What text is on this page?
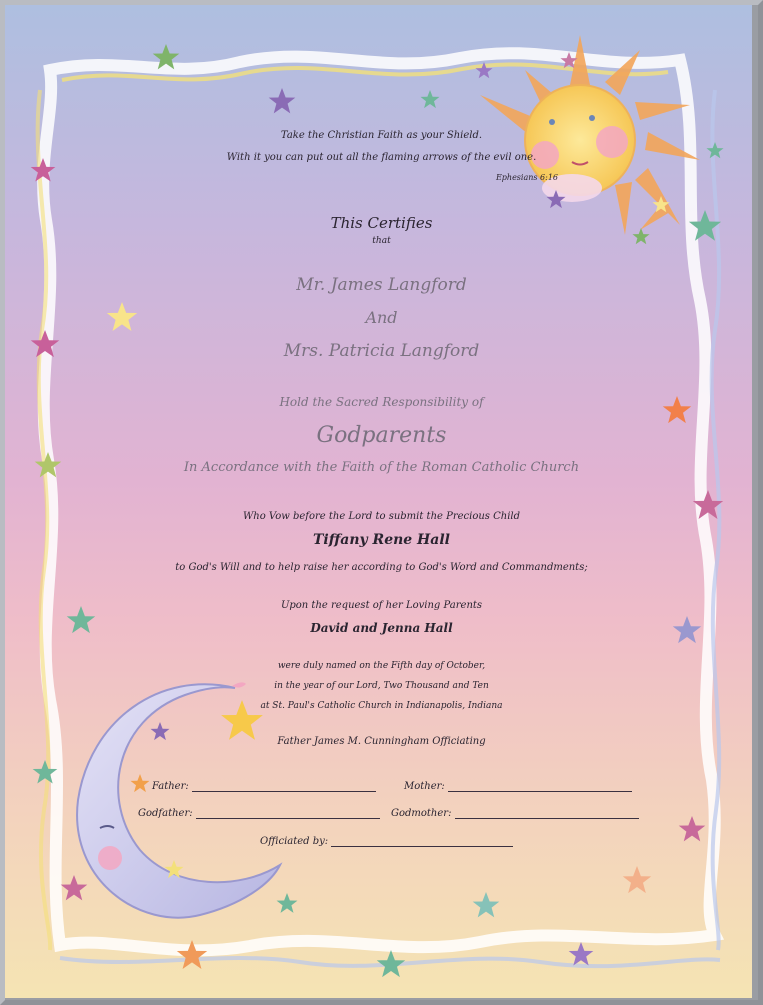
Take the Christian Faith as your Shield.
With it you can put out all the flaming arrows of the evil one.
Ephesians 6:16
This Certifies
that
Mr. James Langford
And
Mrs. Patricia Langford
Hold the Sacred Responsibility of
Godparents
In Accordance with the Faith of the Roman Catholic Church
Who Vow before the Lord to submit the Precious Child
Tiffany Rene Hall
to God's Will and to help raise her according to God's Word and Commandments;
Upon the request of her Loving Parents
David and Jenna Hall
were duly named on the Fifth day of October,
in the year of our Lord, Two Thousand and Ten
at St. Paul's Catholic Church in Indianapolis, Indiana
Father James M. Cunningham Officiating
Father:	Mother:
Godfather:	Godmother:
Officiated by:
